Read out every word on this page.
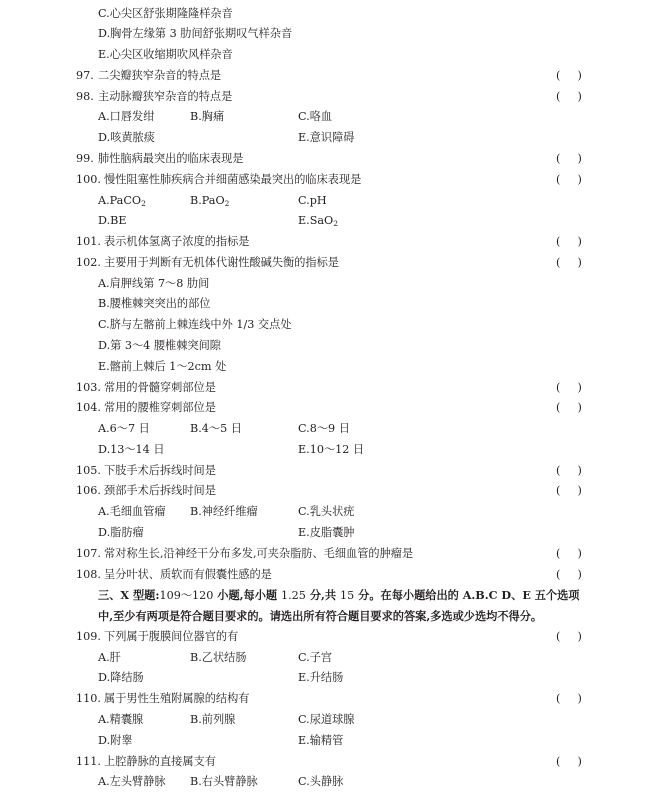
C.心尖区舒张期隆隆样杂音
D.胸骨左缘第 3 肋间舒张期叹气样杂音
E.心尖区收缩期吹风样杂音
97. 二尖瓣狭窄杂音的特点是	(　)
98. 主动脉瓣狭窄杂音的特点是	(　)
A.口唇发绀	B.胸痛	C.咯血
D.咳黄脓痰	E.意识障碍
99. 肺性脑病最突出的临床表现是	(　)
100. 慢性阻塞性肺疾病合并细菌感染最突出的临床表现是	(　)
A.PaCO$_2$	B.PaO$_2$	C.pH
D.BE	E.SaO$_2$
101. 表示机体氢离子浓度的指标是	(　)
102. 主要用于判断有无机体代谢性酸碱失衡的指标是	(　)
A.肩胛线第 7～8 肋间
B.腰椎棘突突出的部位
C.脐与左髂前上棘连线中外 1/3 交点处
D.第 3～4 腰椎棘突间隙
E.髂前上棘后 1～2cm 处
103. 常用的骨髓穿刺部位是	(　)
104. 常用的腰椎穿刺部位是	(　)
A.6～7 日	B.4～5 日	C.8～9 日
D.13～14 日	E.10～12 日
105. 下肢手术后拆线时间是	(　)
106. 颈部手术后拆线时间是	(　)
A.毛细血管瘤 B.神经纤维瘤	C.乳头状疣
D.脂肪瘤	E.皮脂囊肿
107. 常对称生长,沿神经干分布多发,可夹杂脂肪、毛细血管的肿瘤是	(　)
108. 呈分叶状、质软而有假囊性感的是	(　)
三、X 型题:109～120 小题,每小题 1.25 分,共 15 分。在每小题给出的 A.B.C D、E 五个选项
中,至少有两项是符合题目要求的。请选出所有符合题目要求的答案,多选或少选均不得分。
109. 下列属于腹膜间位器官的有	(　)
A.肝	B.乙状结肠	C.子宫
D.降结肠	E.升结肠
110. 属于男性生殖附属腺的结构有	(　)
A.精囊腺	B.前列腺	C.尿道球腺
D.附睾	E.输精管
111. 上腔静脉的直接属支有	(　)
A.左头臂静脉 B.右头臂静脉	C.头静脉
